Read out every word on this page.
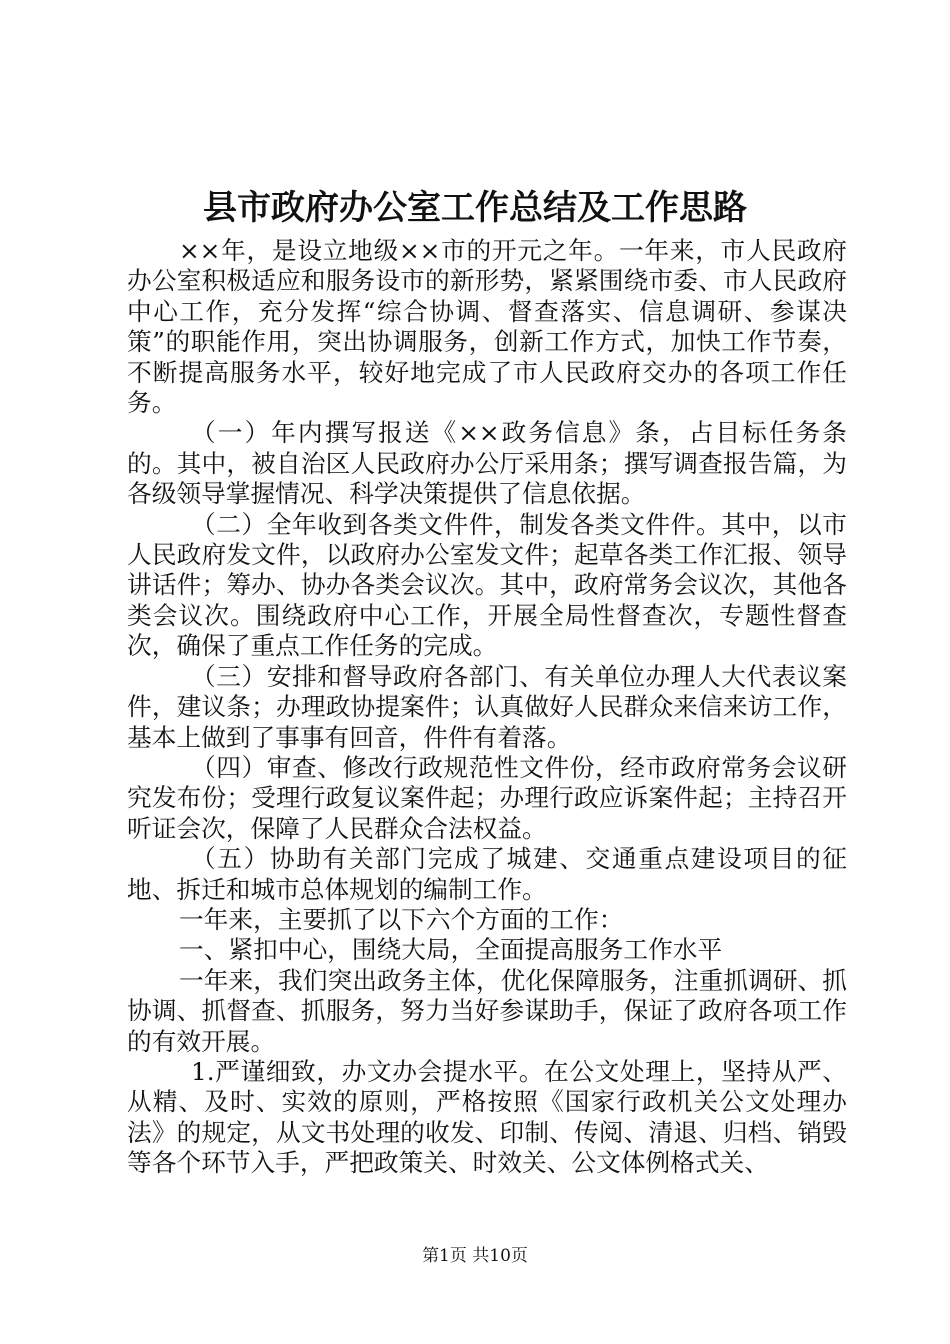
县市政府办公室工作总结及工作思路

××年，是设立地级××市的开元之年。一年来，市人民政府办公室积极适应和服务设市的新形势，紧紧围绕市委、市人民政府中心工作，充分发挥“综合协调、督查落实、信息调研、参谋决策”的职能作用，突出协调服务，创新工作方式，加快工作节奏，不断提高服务水平，较好地完成了市人民政府交办的各项工作任务。

（一）年内撰写报送《××政务信息》条，占目标任务条的。其中，被自治区人民政府办公厅采用条；撰写调查报告篇，为各级领导掌握情况、科学决策提供了信息依据。

（二）全年收到各类文件件，制发各类文件件。其中，以市人民政府发文件，以政府办公室发文件；起草各类工作汇报、领导讲话件；筹办、协办各类会议次。其中，政府常务会议次，其他各类会议次。围绕政府中心工作，开展全局性督查次，专题性督查次，确保了重点工作任务的完成。

（三）安排和督导政府各部门、有关单位办理人大代表议案件，建议条；办理政协提案件；认真做好人民群众来信来访工作，基本上做到了事事有回音，件件有着落。

（四）审查、修改行政规范性文件份，经市政府常务会议研究发布份；受理行政复议案件起；办理行政应诉案件起；主持召开听证会次，保障了人民群众合法权益。

（五）协助有关部门完成了城建、交通重点建设项目的征地、拆迁和城市总体规划的编制工作。

一年来，主要抓了以下六个方面的工作：

一、紧扣中心，围绕大局，全面提高服务工作水平

一年来，我们突出政务主体，优化保障服务，注重抓调研、抓协调、抓督查、抓服务，努力当好参谋助手，保证了政府各项工作的有效开展。

1.严谨细致，办文办会提水平。在公文处理上，坚持从严、从精、及时、实效的原则，严格按照《国家行政机关公文处理办法》的规定，从文书处理的收发、印制、传阅、清退、归档、销毁等各个环节入手，严把政策关、时效关、公文体例格式关、

第1页 共10页
